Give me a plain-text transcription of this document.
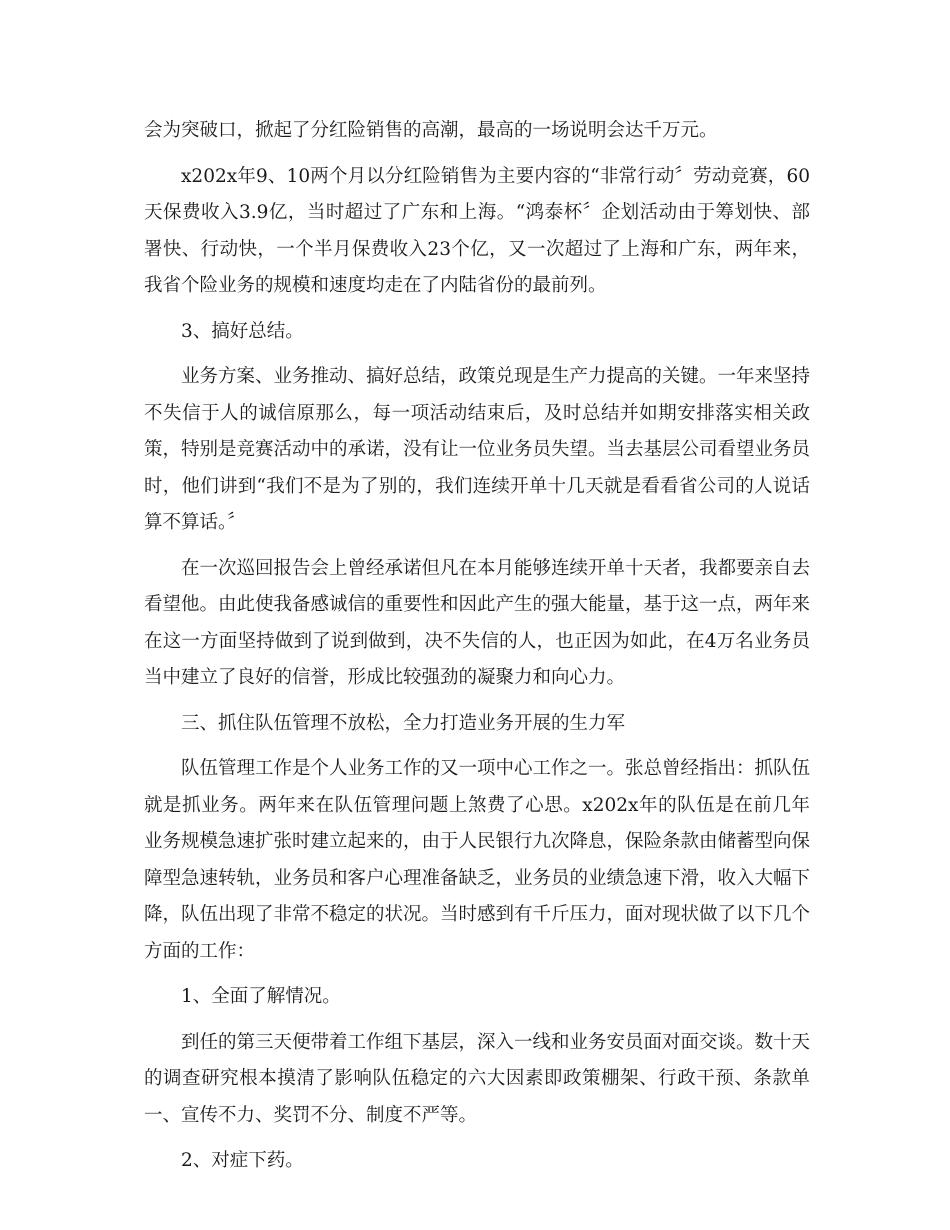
会为突破口，掀起了分红险销售的高潮，最高的一场说明会达千万元。

x202x年9、10两个月以分红险销售为主要内容的“非常行动〞劳动竞赛，60天保费收入3.9亿，当时超过了广东和上海。“鸿泰杯〞企划活动由于筹划快、部署快、行动快，一个半月保费收入23个亿，又一次超过了上海和广东，两年来，我省个险业务的规模和速度均走在了内陆省份的最前列。

3、搞好总结。

业务方案、业务推动、搞好总结，政策兑现是生产力提高的关键。一年来坚持不失信于人的诚信原那么，每一项活动结束后，及时总结并如期安排落实相关政策，特别是竞赛活动中的承诺，没有让一位业务员失望。当去基层公司看望业务员时，他们讲到“我们不是为了别的，我们连续开单十几天就是看看省公司的人说话算不算话。〞

在一次巡回报告会上曾经承诺但凡在本月能够连续开单十天者，我都要亲自去看望他。由此使我备感诚信的重要性和因此产生的强大能量，基于这一点，两年来在这一方面坚持做到了说到做到，决不失信的人，也正因为如此，在4万名业务员当中建立了良好的信誉，形成比较强劲的凝聚力和向心力。

三、抓住队伍管理不放松，全力打造业务开展的生力军

队伍管理工作是个人业务工作的又一项中心工作之一。张总曾经指出：抓队伍就是抓业务。两年来在队伍管理问题上煞费了心思。x202x年的队伍是在前几年业务规模急速扩张时建立起来的，由于人民银行九次降息，保险条款由储蓄型向保障型急速转轨，业务员和客户心理准备缺乏，业务员的业绩急速下滑，收入大幅下降，队伍出现了非常不稳定的状况。当时感到有千斤压力，面对现状做了以下几个方面的工作：

1、全面了解情况。

到任的第三天便带着工作组下基层，深入一线和业务安员面对面交谈。数十天的调查研究根本摸清了影响队伍稳定的六大因素即政策棚架、行政干预、条款单一、宣传不力、奖罚不分、制度不严等。

2、对症下药。
